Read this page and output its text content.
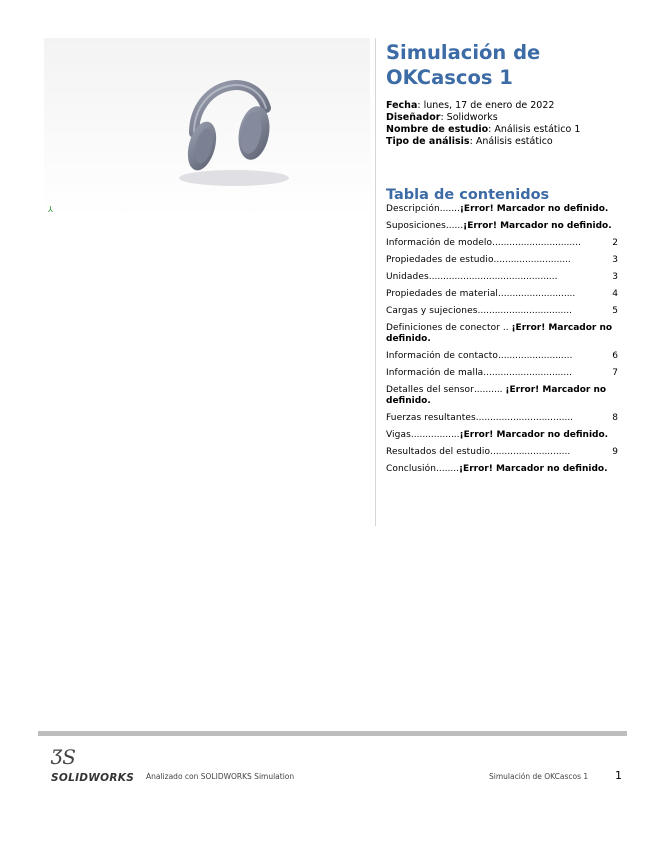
⅄
Simulación de OKCascos 1
Fecha: lunes, 17 de enero de 2022
Diseñador: Solidworks
Nombre de estudio: Análisis estático 1
Tipo de análisis: Análisis estático
Tabla de contenidos
Descripción.......¡Error! Marcador no definido.
Suposiciones......¡Error! Marcador no definido.
2
Información de modelo...............................
3
Propiedades de estudio...........................
3
Unidades.............................................
4
Propiedades de material...........................
5
Cargas y sujeciones.................................
Definiciones de conector .. ¡Error! Marcador no definido.
6
Información de contacto..........................
7
Información de malla...............................
Detalles del sensor.......... ¡Error! Marcador no definido.
8
Fuerzas resultantes..................................
Vigas.................¡Error! Marcador no definido.
9
Resultados del estudio............................
Conclusión........¡Error! Marcador no definido.
ƷS
SOLIDWORKS Analizado con SOLIDWORKS Simulation	Simulación de OKCascos 1 1
